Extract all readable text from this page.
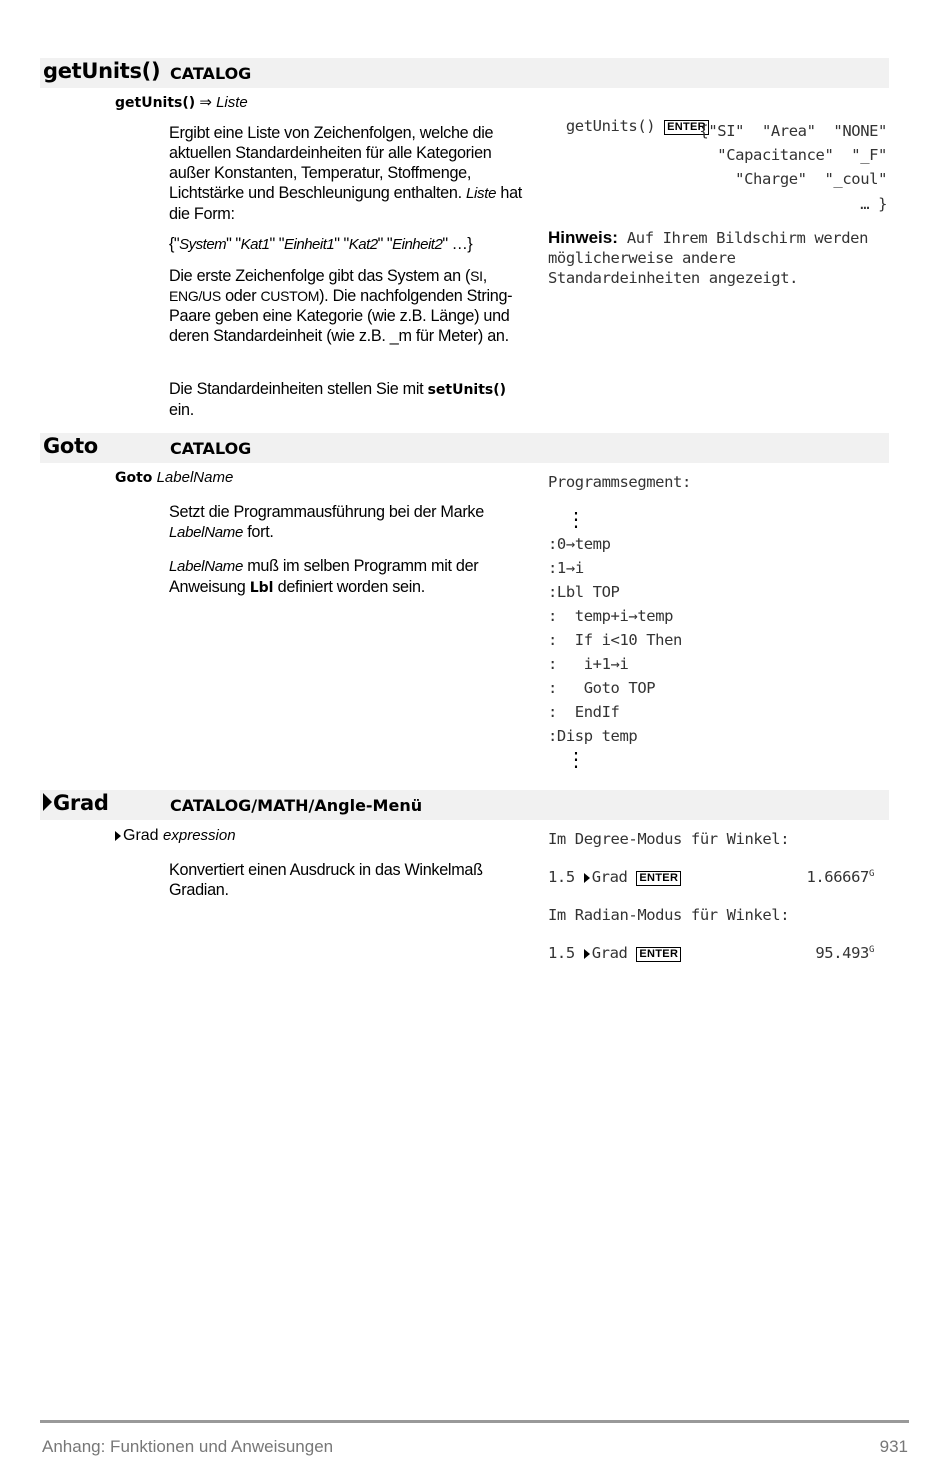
getUnits() CATALOG
getUnits() ⇒ Liste
Ergibt eine Liste von Zeichenfolgen, welche die aktuellen Standardeinheiten für alle Kategorien außer Konstanten, Temperatur, Stoffmenge, Lichtstärke und Beschleunigung enthalten. Liste hat die Form:
{"System" "Kat1" "Einheit1" "Kat2" "Einheit2" …}
Die erste Zeichenfolge gibt das System an (SI, ENG/US oder CUSTOM). Die nachfolgenden String-Paare geben eine Kategorie (wie z.B. Länge) und deren Standardeinheit (wie z.B. _m für Meter) an.
Die Standardeinheiten stellen Sie mit setUnits() ein.

getUnits() ENTER

{"SI"  "Area"  "NONE"
"Capacitance"  "_F"
"Charge"  "_coul"
… }
Hinweis: Auf Ihrem Bildschirm werden möglicherweise andere Standardeinheiten angezeigt.
Goto	CATALOG
Goto LabelName
Setzt die Programmausführung bei der Marke LabelName fort.
LabelName muß im selben Programm mit der Anweisung Lbl definiert worden sein.
Programmsegment:
⋮
:0→temp
:1→i
:Lbl TOP
:  temp+i→temp
:  If i<10 Then
:   i+1→i
:   Goto TOP
:  EndIf
:Disp temp
⋮
Grad	CATALOG/MATH/Angle-Menü
Grad expression
Konvertiert einen Ausdruck in das Winkelmaß Gradian.
Im Degree-Modus für Winkel:
1.5 Grad ENTER	$1.66667^G$
Im Radian-Modus für Winkel:
1.5 Grad ENTER	$95.493^G$
Anhang: Funktionen und Anweisungen	931
